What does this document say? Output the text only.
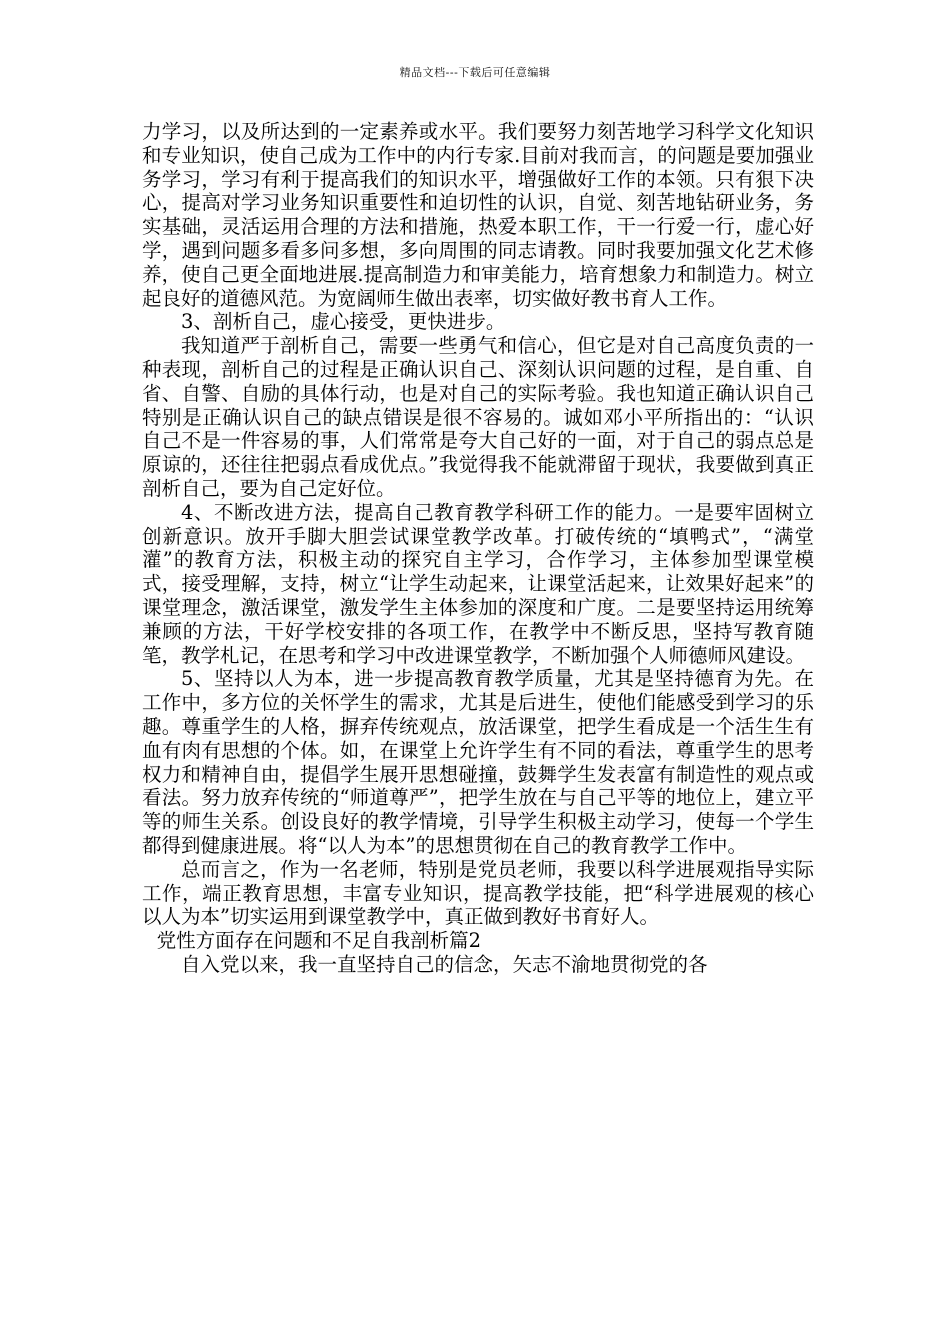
精品文档---下载后可任意编辑

力学习，以及所达到的一定素养或水平。我们要努力刻苦地学习科学文化知识和专业知识，使自己成为工作中的内行专家.目前对我而言，的问题是要加强业务学习，学习有利于提高我们的知识水平，增强做好工作的本领。只有狠下决心，提高对学习业务知识重要性和迫切性的认识，自觉、刻苦地钻研业务，务实基础，灵活运用合理的方法和措施，热爱本职工作，干一行爱一行，虚心好学，遇到问题多看多问多想，多向周围的同志请教。同时我要加强文化艺术修养，使自己更全面地进展.提高制造力和审美能力，培育想象力和制造力。树立起良好的道德风范。为宽阔师生做出表率，切实做好教书育人工作。

3、剖析自己，虚心接受，更快进步。

我知道严于剖析自己，需要一些勇气和信心，但它是对自己高度负责的一种表现，剖析自己的过程是正确认识自己、深刻认识问题的过程，是自重、自省、自警、自励的具体行动，也是对自己的实际考验。我也知道正确认识自己特别是正确认识自己的缺点错误是很不容易的。诚如邓小平所指出的：“认识自己不是一件容易的事，人们常常是夸大自己好的一面，对于自己的弱点总是原谅的，还往往把弱点看成优点。”我觉得我不能就滞留于现状，我要做到真正剖析自己，要为自己定好位。

4、不断改进方法，提高自己教育教学科研工作的能力。一是要牢固树立创新意识。放开手脚大胆尝试课堂教学改革。打破传统的“填鸭式”，“满堂灌”的教育方法，积极主动的探究自主学习，合作学习，主体参加型课堂模式，接受理解，支持，树立“让学生动起来，让课堂活起来，让效果好起来”的课堂理念，激活课堂，激发学生主体参加的深度和广度。二是要坚持运用统筹兼顾的方法，干好学校安排的各项工作，在教学中不断反思，坚持写教育随笔，教学札记，在思考和学习中改进课堂教学，不断加强个人师德师风建设。

5、坚持以人为本，进一步提高教育教学质量，尤其是坚持德育为先。在工作中，多方位的关怀学生的需求，尤其是后进生，使他们能感受到学习的乐趣。尊重学生的人格，摒弃传统观点，放活课堂，把学生看成是一个活生生有血有肉有思想的个体。如，在课堂上允许学生有不同的看法，尊重学生的思考权力和精神自由，提倡学生展开思想碰撞，鼓舞学生发表富有制造性的观点或看法。努力放弃传统的“师道尊严”，把学生放在与自己平等的地位上，建立平等的师生关系。创设良好的教学情境，引导学生积极主动学习，使每一个学生都得到健康进展。将“以人为本”的思想贯彻在自己的教育教学工作中。

总而言之，作为一名老师，特别是党员老师，我要以科学进展观指导实际工作，端正教育思想，丰富专业知识，提高教学技能，把“科学进展观的核心以人为本”切实运用到课堂教学中，真正做到教好书育好人。

党性方面存在问题和不足自我剖析篇2

自入党以来，我一直坚持自己的信念，矢志不渝地贯彻党的各
